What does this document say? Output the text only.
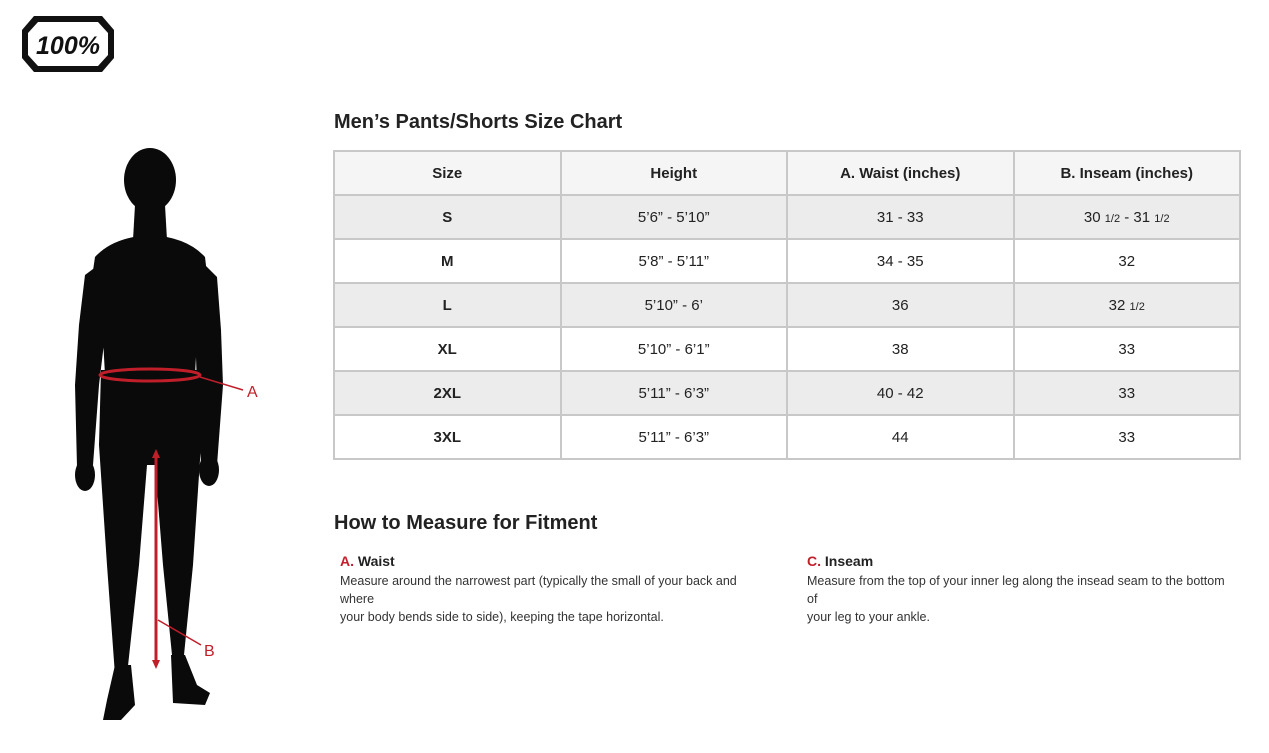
100%
A
B
Men’s Pants/Shorts Size Chart
Size	Height	A. Waist (inches)	B. Inseam (inches)
S	5’6” - 5’10”	31 - 33	30 1/2 - 31 1/2
M	5’8” - 5’11”	34 - 35	32
L	5’10” - 6’	36	32 1/2
XL	5’10” - 6’1”	38	33
2XL	5’11” - 6’3”	40 - 42	33
3XL	5’11” - 6’3”	44	33
How to Measure for Fitment

A. Waist

Measure around the narrowest part (typically the small of your back and where
your body bends side to side), keeping the tape horizontal.

C. Inseam

Measure from the top of your inner leg along the insead seam to the bottom of
your leg to your ankle.
